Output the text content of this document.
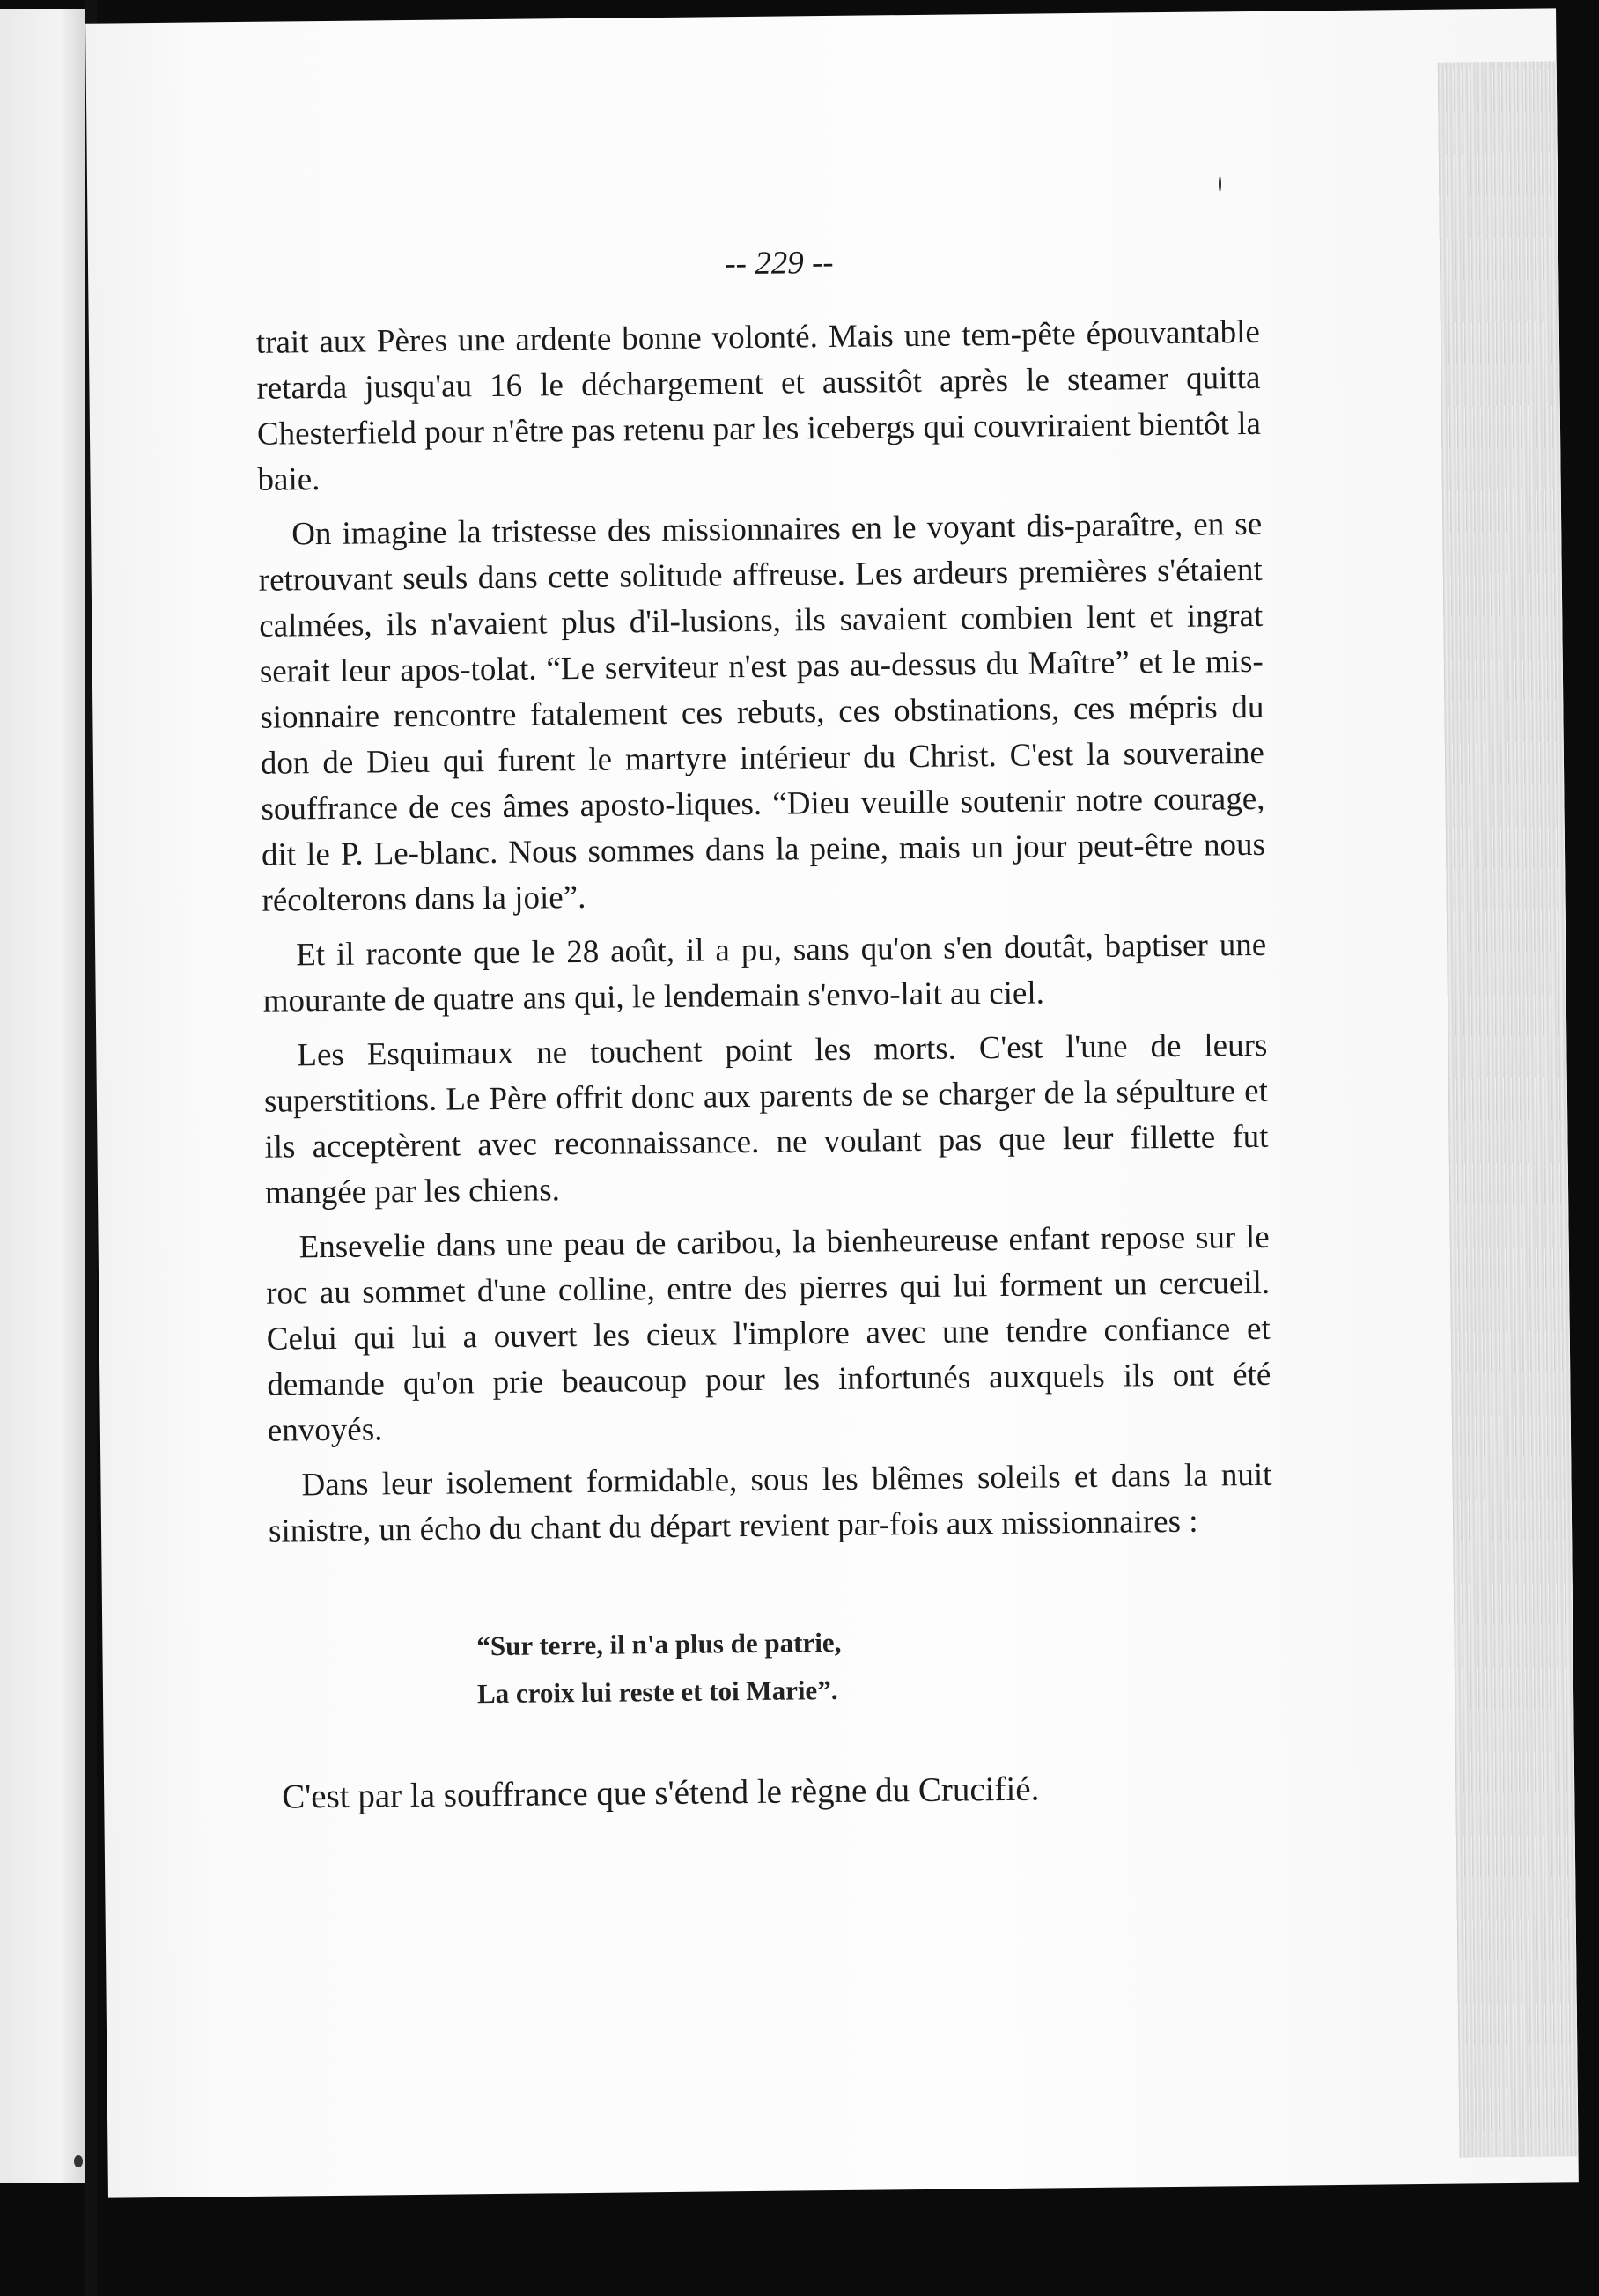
-- 229 --

trait aux Pères une ardente bonne volonté. Mais une tem-pête épouvantable retarda jusqu'au 16 le déchargement et aussitôt après le steamer quitta Chesterfield pour n'être pas retenu par les icebergs qui couvriraient bientôt la baie.

On imagine la tristesse des missionnaires en le voyant dis-paraître, en se retrouvant seuls dans cette solitude affreuse. Les ardeurs premières s'étaient calmées, ils n'avaient plus d'il-lusions, ils savaient combien lent et ingrat serait leur apos-tolat. “Le serviteur n'est pas au-dessus du Maître” et le mis-sionnaire rencontre fatalement ces rebuts, ces obstinations, ces mépris du don de Dieu qui furent le martyre intérieur du Christ. C'est la souveraine souffrance de ces âmes aposto-liques. “Dieu veuille soutenir notre courage, dit le P. Le-blanc. Nous sommes dans la peine, mais un jour peut-être nous récolterons dans la joie”.

Et il raconte que le 28 août, il a pu, sans qu'on s'en doutât, baptiser une mourante de quatre ans qui, le lendemain s'envo-lait au ciel.

Les Esquimaux ne touchent point les morts. C'est l'une de leurs superstitions. Le Père offrit donc aux parents de se charger de la sépulture et ils acceptèrent avec reconnaissance. ne voulant pas que leur fillette fut mangée par les chiens.

Ensevelie dans une peau de caribou, la bienheureuse enfant repose sur le roc au sommet d'une colline, entre des pierres qui lui forment un cercueil. Celui qui lui a ouvert les cieux l'implore avec une tendre confiance et demande qu'on prie beaucoup pour les infortunés auxquels ils ont été envoyés.

Dans leur isolement formidable, sous les blêmes soleils et dans la nuit sinistre, un écho du chant du départ revient par-fois aux missionnaires :

“Sur terre, il n'a plus de patrie,
La croix lui reste et toi Marie”.

C'est par la souffrance que s'étend le règne du Crucifié.
